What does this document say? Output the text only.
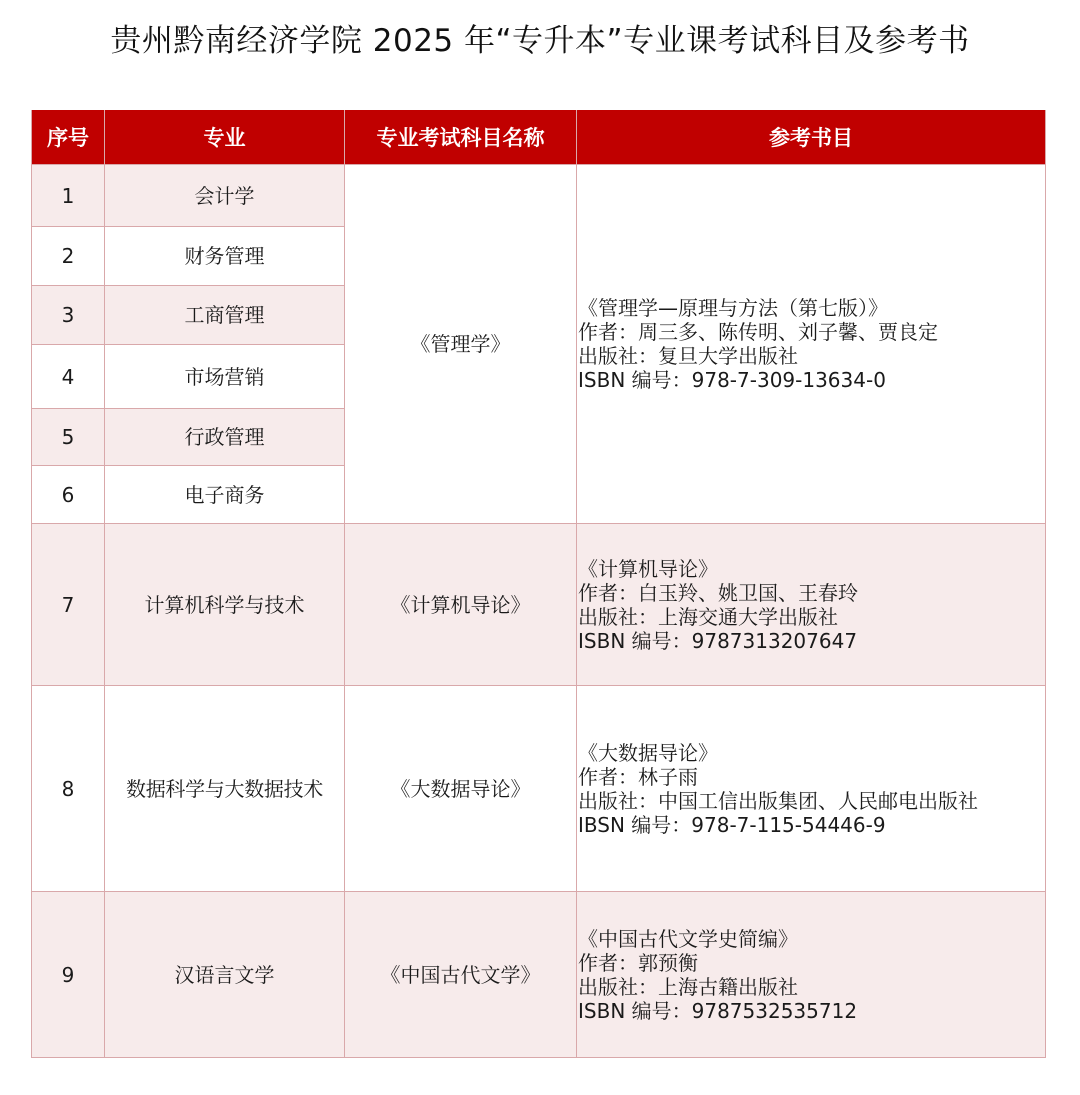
贵州黔南经济学院 2025 年“专升本”专业课考试科目及参考书
序号	专业	专业考试科目名称	参考书目
1	会计学	《管理学》	《管理学—原理与方法（第七版）》
作者：周三多、陈传明、刘子馨、贾良定
出版社：复旦大学出版社
ISBN 编号：978-7-309-13634-0

2	财务管理		
3	工商管理		
4	市场营销		
5	行政管理		
6	电子商务		
7	计算机科学与技术	《计算机导论》	《计算机导论》
作者：白玉羚、姚卫国、王春玲
出版社：上海交通大学出版社
ISBN 编号：9787313207647

8	数据科学与大数据技术	《大数据导论》	《大数据导论》
作者：林子雨
出版社：中国工信出版集团、人民邮电出版社
IBSN 编号：978-7-115-54446-9

9	汉语言文学	《中国古代文学》	《中国古代文学史简编》
作者：郭预衡
出版社：上海古籍出版社
ISBN 编号：9787532535712
